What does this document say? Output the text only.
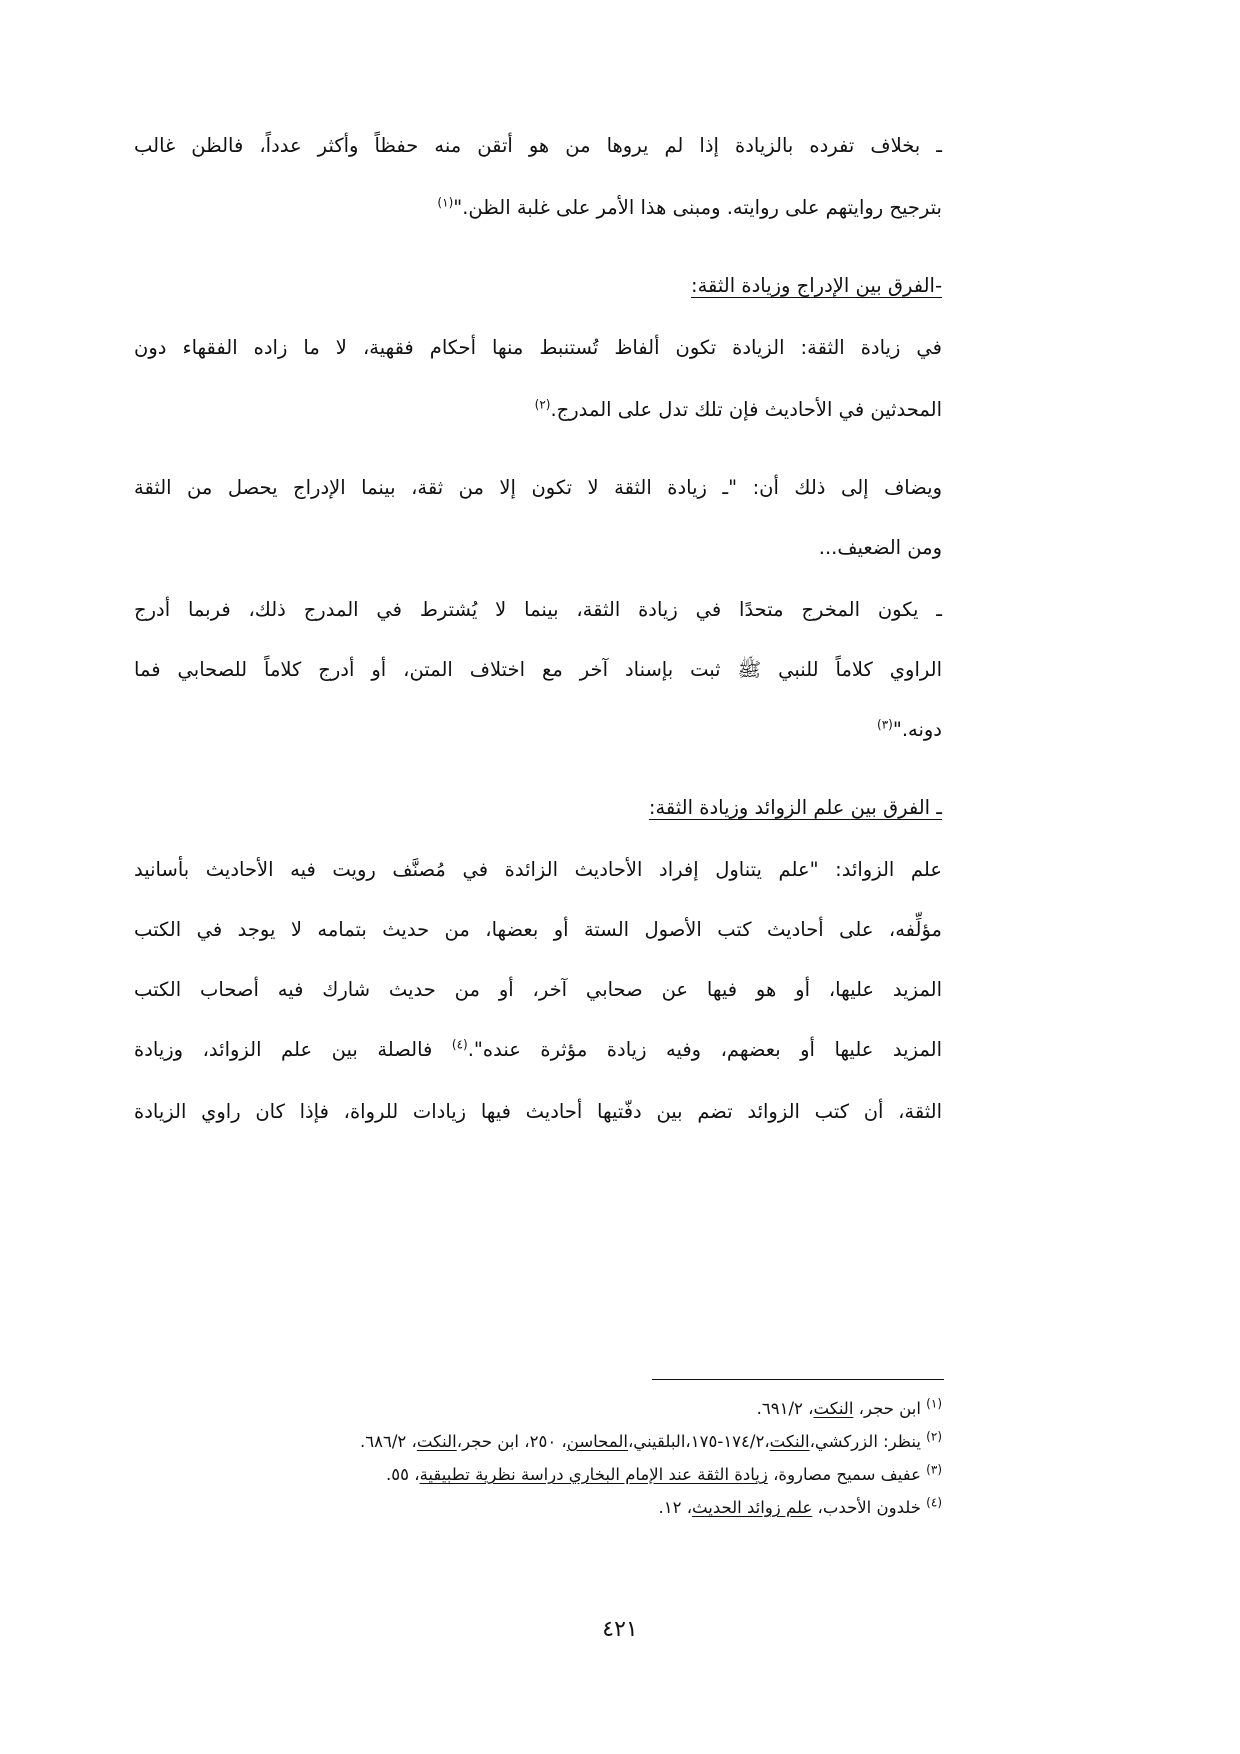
ـ بخلاف تفرده بالزيادة إذا لم يروها من هو أتقن منه حفظاً وأكثر عدداً، فالظن غالب
بترجيح روايتهم على روايته. ومبنى هذا الأمر على غلبة الظن."$^{(١)}$
-الفرق بين الإدراج وزيادة الثقة:
في زيادة الثقة: الزيادة تكون ألفاظ تُستنبط منها أحكام فقهية، لا ما زاده الفقهاء دون
المحدثين في الأحاديث فإن تلك تدل على المدرج.$^{(٢)}$
ويضاف إلى ذلك أن: "ـ زيادة الثقة لا تكون إلا من ثقة، بينما الإدراج يحصل من الثقة
ومن الضعيف...
ـ يكون المخرج متحدًا في زيادة الثقة، بينما لا يُشترط في المدرج ذلك، فربما أدرج
الراوي كلاماً للنبي ﷺ ثبت بإسناد آخر مع اختلاف المتن، أو أدرج كلاماً للصحابي فما
دونه."$^{(٣)}$
ـ الفرق بين علم الزوائد وزيادة الثقة:
علم الزوائد: "علم يتناول إفراد الأحاديث الزائدة في مُصنَّف رويت فيه الأحاديث بأسانيد
مؤلِّفه، على أحاديث كتب الأصول الستة أو بعضها، من حديث بتمامه لا يوجد في الكتب
المزيد عليها، أو هو فيها عن صحابي آخر، أو من حديث شارك فيه أصحاب الكتب
المزيد عليها أو بعضهم، وفيه زيادة مؤثرة عنده".$^{(٤)}$ فالصلة بين علم الزوائد، وزيادة
الثقة، أن كتب الزوائد تضم بين دفّتيها أحاديث فيها زيادات للرواة، فإذا كان راوي الزيادة
$^{(١)}$ ابن حجر، النكت، ٦٩١/٢.
$^{(٢)}$ ينظر: الزركشي،النكت،١٧٤/٢-١٧٥،البلقيني،المحاسن، ٢٥٠، ابن حجر،النكت، ٦٨٦/٢.
$^{(٣)}$ عفيف سميح مصاروة، زيادة الثقة عند الإمام البخاري دراسة نظرية تطبيقية، ٥٥.
$^{(٤)}$ خلدون الأحدب، علم زوائد الحديث، ١٢.
٤٢١
